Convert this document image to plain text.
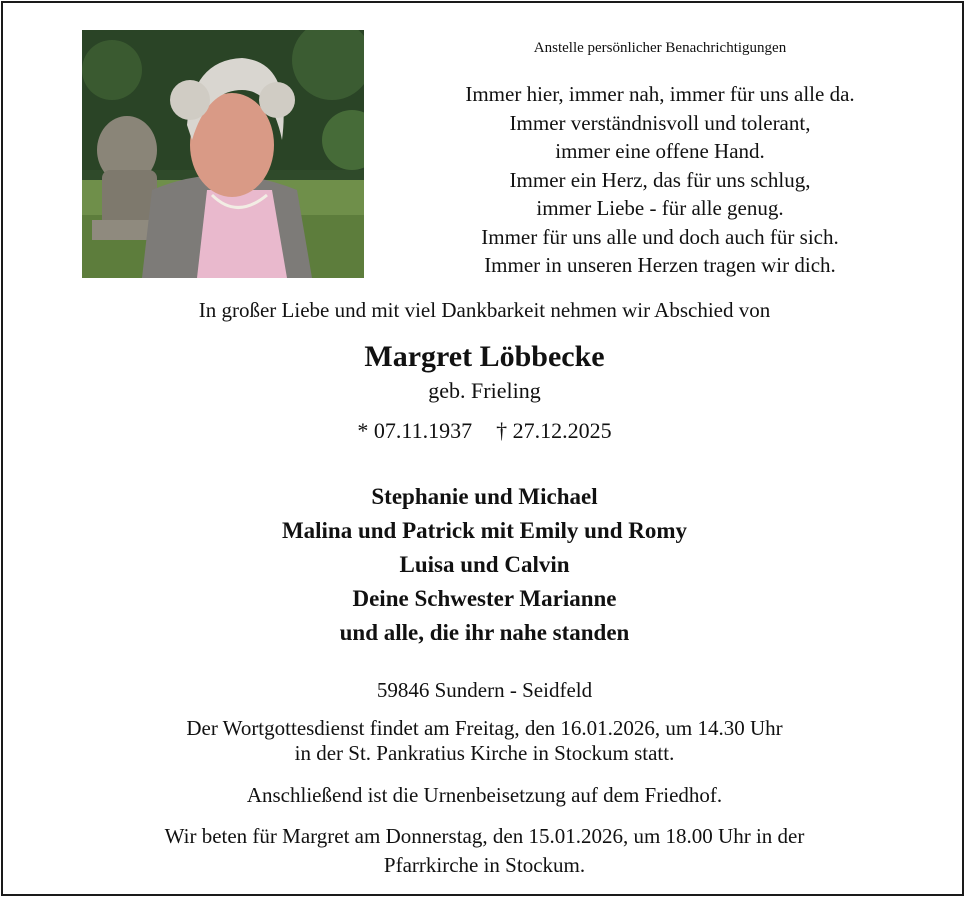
Anstelle persönlicher Benachrichtigungen
Immer hier, immer nah, immer für uns alle da.
Immer verständnisvoll und tolerant,
immer eine offene Hand.
Immer ein Herz, das für uns schlug,
immer Liebe - für alle genug.
Immer für uns alle und doch auch für sich.
Immer in unseren Herzen tragen wir dich.
In großer Liebe und mit viel Dankbarkeit nehmen wir Abschied von
Margret Löbbecke
geb. Frieling
* 07.11.1937 † 27.12.2025
Stephanie und Michael
Malina und Patrick mit Emily und Romy
Luisa und Calvin
Deine Schwester Marianne
und alle, die ihr nahe standen
59846 Sundern - Seidfeld
Der Wortgottesdienst findet am Freitag, den 16.01.2026, um 14.30 Uhr
in der St. Pankratius Kirche in Stockum statt.
Anschließend ist die Urnenbeisetzung auf dem Friedhof.
Wir beten für Margret am Donnerstag, den 15.01.2026, um 18.00 Uhr in der
Pfarrkirche in Stockum.
